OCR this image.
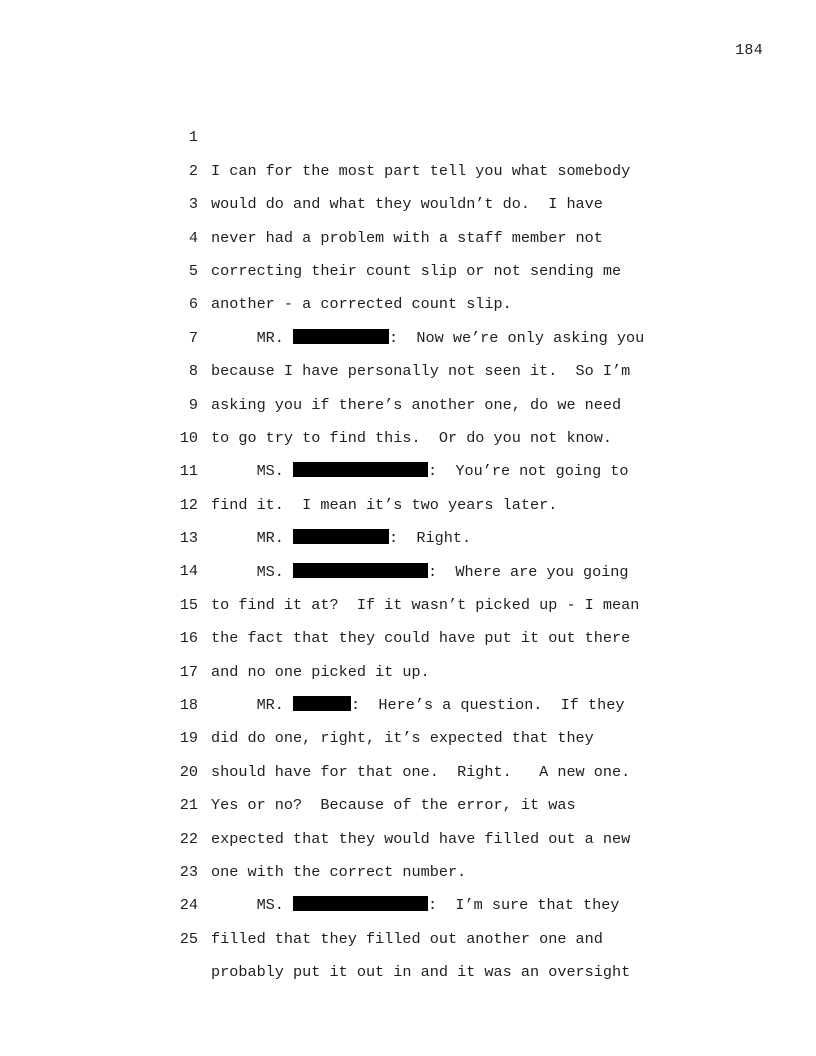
184

1

I can for the most part tell you what somebody

2

would do and what they wouldn’t do.  I have

3

never had a problem with a staff member not

4

correcting their count slip or not sending me

5

another - a corrected count slip.

6

MR.	:  Now we’re only asking you

7

because I have personally not seen it.  So I’m

8

asking you if there’s another one, do we need

9

to go try to find this.  Or do you not know.

10

MS.	:  You’re not going to

11

find it.  I mean it’s two years later.

12

MR.	:  Right.

13

MS.	:  Where are you going

14

to find it at?  If it wasn’t picked up - I mean

15

the fact that they could have put it out there

16

and no one picked it up.

17

MR.	:  Here’s a question.  If they

18

did do one, right, it’s expected that they

19

should have for that one.  Right.   A new one.

20

Yes or no?  Because of the error, it was

21

expected that they would have filled out a new

22

one with the correct number.

23

MS.	:  I’m sure that they

24

filled that they filled out another one and

25

probably put it out in and it was an oversight
